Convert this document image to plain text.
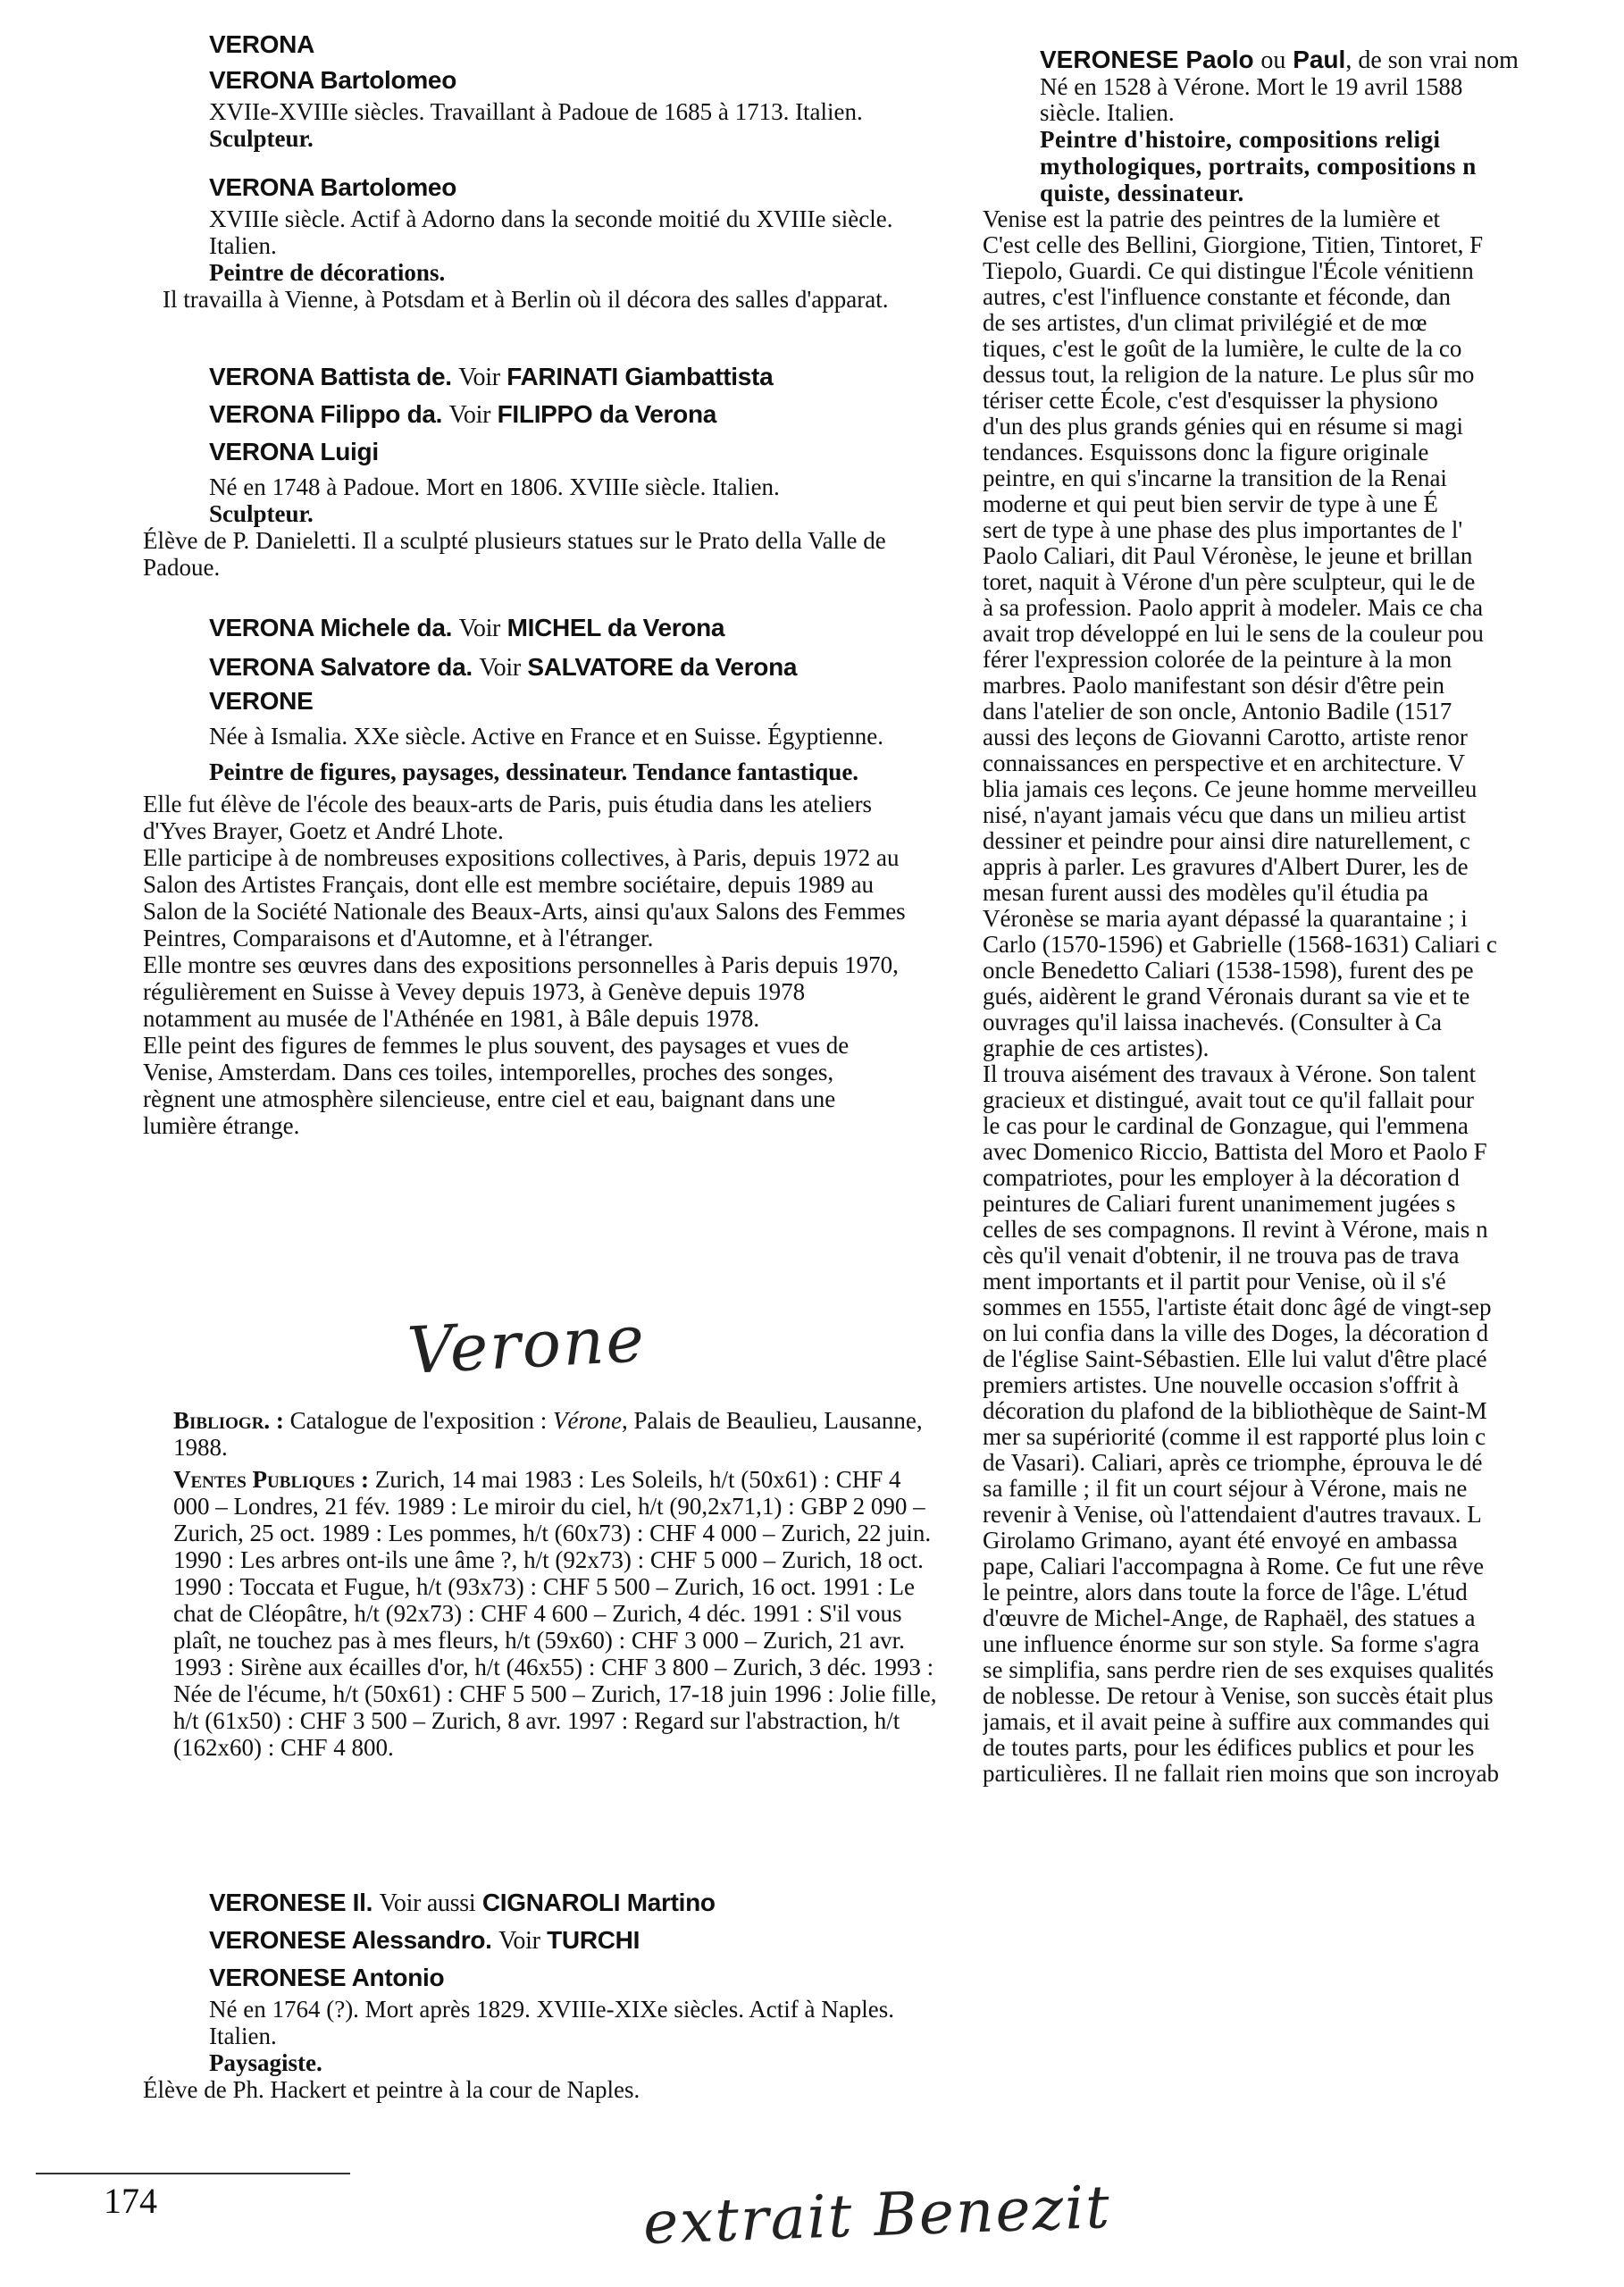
VERONA
VERONA Bartolomeo

XVIIe-XVIIIe siècles. Travaillant à Padoue de 1685 à 1713. Italien.

Sculpteur.

VERONA Bartolomeo

XVIIIe siècle. Actif à Adorno dans la seconde moitié du XVIIIe siècle. Italien.

Peintre de décorations.

Il travailla à Vienne, à Potsdam et à Berlin où il décora des salles d'apparat.

VERONA Battista de. Voir FARINATI Giambattista
VERONA Filippo da. Voir FILIPPO da Verona
VERONA Luigi

Né en 1748 à Padoue. Mort en 1806. XVIIIe siècle. Italien.

Sculpteur.

Élève de P. Danieletti. Il a sculpté plusieurs statues sur le Prato della Valle de Padoue.

VERONA Michele da. Voir MICHEL da Verona
VERONA Salvatore da. Voir SALVATORE da Verona
VERONE

Née à Ismalia. XXe siècle. Active en France et en Suisse. Égyptienne.

Peintre de figures, paysages, dessinateur. Tendance fantastique.

Elle fut élève de l'école des beaux-arts de Paris, puis étudia dans les ateliers d'Yves Brayer, Goetz et André Lhote.

Elle participe à de nombreuses expositions collectives, à Paris, depuis 1972 au Salon des Artistes Français, dont elle est membre sociétaire, depuis 1989 au Salon de la Société Nationale des Beaux-Arts, ainsi qu'aux Salons des Femmes Peintres, Comparaisons et d'Automne, et à l'étranger.

Elle montre ses œuvres dans des expositions personnelles à Paris depuis 1970, régulièrement en Suisse à Vevey depuis 1973, à Genève depuis 1978 notamment au musée de l'Athénée en 1981, à Bâle depuis 1978.

Elle peint des figures de femmes le plus souvent, des paysages et vues de Venise, Amsterdam. Dans ces toiles, intemporelles, proches des songes, règnent une atmosphère silencieuse, entre ciel et eau, baignant dans une lumière étrange.

Verone

Bibliogr. : Catalogue de l'exposition : Vérone, Palais de Beaulieu, Lausanne, 1988.

Ventes Publiques : Zurich, 14 mai 1983 : Les Soleils, h/t (50x61) : CHF 4 000 – Londres, 21 fév. 1989 : Le miroir du ciel, h/t (90,2x71,1) : GBP 2 090 – Zurich, 25 oct. 1989 : Les pommes, h/t (60x73) : CHF 4 000 – Zurich, 22 juin. 1990 : Les arbres ont-ils une âme ?, h/t (92x73) : CHF 5 000 – Zurich, 18 oct. 1990 : Toccata et Fugue, h/t (93x73) : CHF 5 500 – Zurich, 16 oct. 1991 : Le chat de Cléopâtre, h/t (92x73) : CHF 4 600 – Zurich, 4 déc. 1991 : S'il vous plaît, ne touchez pas à mes fleurs, h/t (59x60) : CHF 3 000 – Zurich, 21 avr. 1993 : Sirène aux écailles d'or, h/t (46x55) : CHF 3 800 – Zurich, 3 déc. 1993 : Née de l'écume, h/t (50x61) : CHF 5 500 – Zurich, 17-18 juin 1996 : Jolie fille, h/t (61x50) : CHF 3 500 – Zurich, 8 avr. 1997 : Regard sur l'abstraction, h/t (162x60) : CHF 4 800.

VERONESE Il. Voir aussi CIGNAROLI Martino
VERONESE Alessandro. Voir TURCHI
VERONESE Antonio

Né en 1764 (?). Mort après 1829. XVIIIe-XIXe siècles. Actif à Naples. Italien.

Paysagiste.

Élève de Ph. Hackert et peintre à la cour de Naples.

VERONESE Paolo ou Paul, de son vrai nom

Né en 1528 à Vérone. Mort le 19 avril 1588

siècle. Italien.

Peintre d'histoire, compositions religi

mythologiques, portraits, compositions n

quiste, dessinateur.

Venise est la patrie des peintres de la lumière et

C'est celle des Bellini, Giorgione, Titien, Tintoret, F

Tiepolo, Guardi. Ce qui distingue l'École vénitienn

autres, c'est l'influence constante et féconde, dan

de ses artistes, d'un climat privilégié et de mœ

tiques, c'est le goût de la lumière, le culte de la co

dessus tout, la religion de la nature. Le plus sûr mo

tériser cette École, c'est d'esquisser la physiono

d'un des plus grands génies qui en résume si magi

tendances. Esquissons donc la figure originale

peintre, en qui s'incarne la transition de la Renai

moderne et qui peut bien servir de type à une É

sert de type à une phase des plus importantes de l'

Paolo Caliari, dit Paul Véronèse, le jeune et brillan

toret, naquit à Vérone d'un père sculpteur, qui le de

à sa profession. Paolo apprit à modeler. Mais ce cha

avait trop développé en lui le sens de la couleur pou

férer l'expression colorée de la peinture à la mon

marbres. Paolo manifestant son désir d'être pein

dans l'atelier de son oncle, Antonio Badile (1517

aussi des leçons de Giovanni Carotto, artiste renor

connaissances en perspective et en architecture. V

blia jamais ces leçons. Ce jeune homme merveilleu

nisé, n'ayant jamais vécu que dans un milieu artist

dessiner et peindre pour ainsi dire naturellement, c

appris à parler. Les gravures d'Albert Durer, les de

mesan furent aussi des modèles qu'il étudia pa

Véronèse se maria ayant dépassé la quarantaine ; i

Carlo (1570-1596) et Gabrielle (1568-1631) Caliari c

oncle Benedetto Caliari (1538-1598), furent des pe

gués, aidèrent le grand Véronais durant sa vie et te

ouvrages qu'il laissa inachevés. (Consulter à Ca

graphie de ces artistes).

Il trouva aisément des travaux à Vérone. Son talent

gracieux et distingué, avait tout ce qu'il fallait pour

le cas pour le cardinal de Gonzague, qui l'emmena

avec Domenico Riccio, Battista del Moro et Paolo F

compatriotes, pour les employer à la décoration d

peintures de Caliari furent unanimement jugées s

celles de ses compagnons. Il revint à Vérone, mais n

cès qu'il venait d'obtenir, il ne trouva pas de trava

ment importants et il partit pour Venise, où il s'é

sommes en 1555, l'artiste était donc âgé de vingt-sep

on lui confia dans la ville des Doges, la décoration d

de l'église Saint-Sébastien. Elle lui valut d'être placé

premiers artistes. Une nouvelle occasion s'offrit à

décoration du plafond de la bibliothèque de Saint-M

mer sa supériorité (comme il est rapporté plus loin c

de Vasari). Caliari, après ce triomphe, éprouva le dé

sa famille ; il fit un court séjour à Vérone, mais ne

revenir à Venise, où l'attendaient d'autres travaux. L

Girolamo Grimano, ayant été envoyé en ambassa

pape, Caliari l'accompagna à Rome. Ce fut une rêve

le peintre, alors dans toute la force de l'âge. L'étud

d'œuvre de Michel-Ange, de Raphaël, des statues a

une influence énorme sur son style. Sa forme s'agra

se simplifia, sans perdre rien de ses exquises qualités

de noblesse. De retour à Venise, son succès était plus

jamais, et il avait peine à suffire aux commandes qui

de toutes parts, pour les édifices publics et pour les

particulières. Il ne fallait rien moins que son incroyab

174	extrait Benezit
